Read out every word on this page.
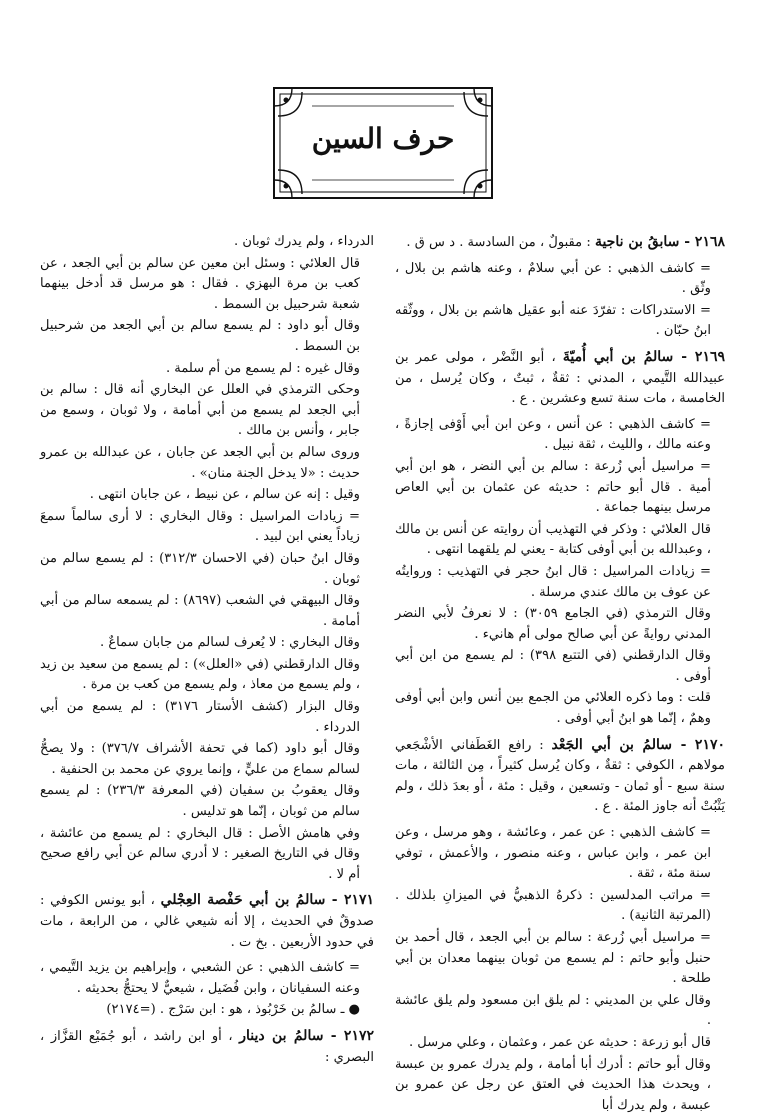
حرف السين

٢١٦٨ - سابقُ بن ناجية : مقبولٌ ، من السادسة . د س ق .

= كاشف الذهبي : عن أبي سلامٌ ، وعنه هاشم بن بلال ، وثّق .

= الاستدراكات : تفرّدَ عنه أبو عقيل هاشم بن بلال ، ووثّقه ابنُ حبّان .

٢١٦٩ - سالمُ بن أبي أُميّةَ ، أبو النَّضْر ، مولى عمر بن عبيدالله التَّيمي ، المدني : ثقةٌ ، ثبتٌ ، وكان يُرسل ، من الخامسة ، مات سنة تسع وعشرين . ع .

= كاشف الذهبي : عن أنس ، وعن ابن أبي أَوْفى إجازةً ، وعنه مالك ، والليث ، ثقة نبيل .

= مراسيل أبي زُرعة : سالم بن أبي النضر ، هو ابن أبي أمية . قال أبو حاتم : حديثه عن عثمان بن أبي العاص مرسل بينهما جماعة .

قال العلائي : وذكر في التهذيب أن روايته عن أنس بن مالك ، وعبدالله بن أبي أوفى كتابة - يعني لم يلقهما انتهى .

= زيادات المراسيل : قال ابنُ حجر في التهذيب : وروايتُه عن عوف بن مالك عندي مرسلة .

وقال الترمذي (في الجامع ٣٠٥٩) : لا نعرفُ لأبي النضر المدني روايةً عن أبي صالح مولى أم هانيء .

وقال الدارقطني (في التتبع ٣٩٨) : لم يسمع من ابن أبي أوفى .

قلت : وما ذكره العلائي من الجمع بين أنس وابن أبي أوفى وهمٌ ، إنّما هو ابنُ أبي أوفى .

٢١٧٠ - سالمُ بن أبي الجَعْد : رافع الغَطَفاني الأشْجَعي مولاهم ، الكوفي : ثقةٌ ، وكان يُرسل كثيراً ، مِن الثالثة ، مات سنة سبع - أو ثمان - وتسعين ، وقيل : مئة ، أو بعدَ ذلك ، ولم يَثْبُتْ أنه جاوز المئة . ع .

= كاشف الذهبي : عن عمر ، وعائشة ، وهو مرسل ، وعن ابن عمر ، وابن عباس ، وعنه منصور ، والأعمش ، توفي سنة مئة ، ثقة .

= مراتب المدلسين : ذكرهُ الذهبيُّ في الميزانِ بلذلك . (المرتبة الثانية) .

= مراسيل أبي زُرعة : سالم بن أبي الجعد ، قال أحمد بن حنبل وأبو حاتم : لم يسمع من ثوبان بينهما معدان بن أبي طلحة .

وقال علي بن المديني : لم يلق ابن مسعود ولم يلق عائشة .

قال أبو زرعة : حديثه عن عمر ، وعثمان ، وعلي مرسل .

وقال أبو حاتم : أدرك أبا أمامة ، ولم يدرك عمرو بن عبسة ، ويحدث هذا الحديث في العتق عن رجل عن عمرو بن عبسة ، ولم يدرك أبا

الدرداء ، ولم يدرك ثوبان .

قال العلائي : وسئل ابن معين عن سالم بن أبي الجعد ، عن كعب بن مرة البهزي . فقال : هو مرسل قد أدخل بينهما شعبة شرحبيل بن السمط .

وقال أبو داود : لم يسمع سالم بن أبي الجعد من شرحبيل بن السمط .

وقال غيره : لم يسمع من أم سلمة .

وحكى الترمذي في العلل عن البخاري أنه قال : سالم بن أبي الجعد لم يسمع من أبي أمامة ، ولا ثوبان ، وسمع من جابر ، وأنس بن مالك .

وروى سالم بن أبي الجعد عن جابان ، عن عبدالله بن عمرو حديث : «لا يدخل الجنة منان» .

وقيل : إنه عن سالم ، عن نبيط ، عن جابان انتهى .

= زيادات المراسيل : وقال البخاري : لا أرى سالماً سمعَ زياداً يعني ابن لبيد .

وقال ابنُ حبان (في الاحسان ٣١٢/٣) : لم يسمع سالم من ثوبان .

وقال البيهقي في الشعب (٨٦٩٧) : لم يسمعه سالم من أبي أمامة .

وقال البخاري : لا يُعرف لسالم من جابان سماعٌ .

وقال الدارقطني (في «العلل») : لم يسمع من سعيد بن زيد ، ولم يسمع من معاذ ، ولم يسمع من كعب بن مرة .

وقال البزار (كشف الأستار ٣١٧٦) : لم يسمع من أبي الدرداء .

وقال أبو داود (كما في تحفة الأشراف ٣٧٦/٧) : ولا يصحُّ لسالم سماع من عليٍّ ، وإنما يروي عن محمد بن الحنفية .

وقال يعقوبُ بن سفيان (في المعرفة ٢٣٦/٣) : لم يسمع سالم من ثوبان ، إنّما هو تدليس .

وفي هامش الأصل : قال البخاري : لم يسمع من عائشة ، وقال في التاريخ الصغير : لا أدري سالم عن أبي رافع صحيح أم لا .

٢١٧١ - سالمُ بن أبي حَفْصة العِجْلي ، أبو يونس الكوفي : صدوقٌ في الحديث ، إلا أنه شيعي غالي ، من الرابعة ، مات في حدود الأربعين . بخ ت .

= كاشف الذهبي : عن الشعبي ، وإبراهيم بن يزيد التَّيمي ، وعنه السفيانان ، وابن فُضَيل ، شيعيٌّ لا يحتجُّ بحديثه .

● ـ سالمُ بن خَرْبُوذ ، هو : ابن سَرْج . (=٢١٧٤)

٢١٧٢ - سالمُ بن دينار ، أو ابن راشد ، أبو جُمَيْع القزَّاز ، البصري :
